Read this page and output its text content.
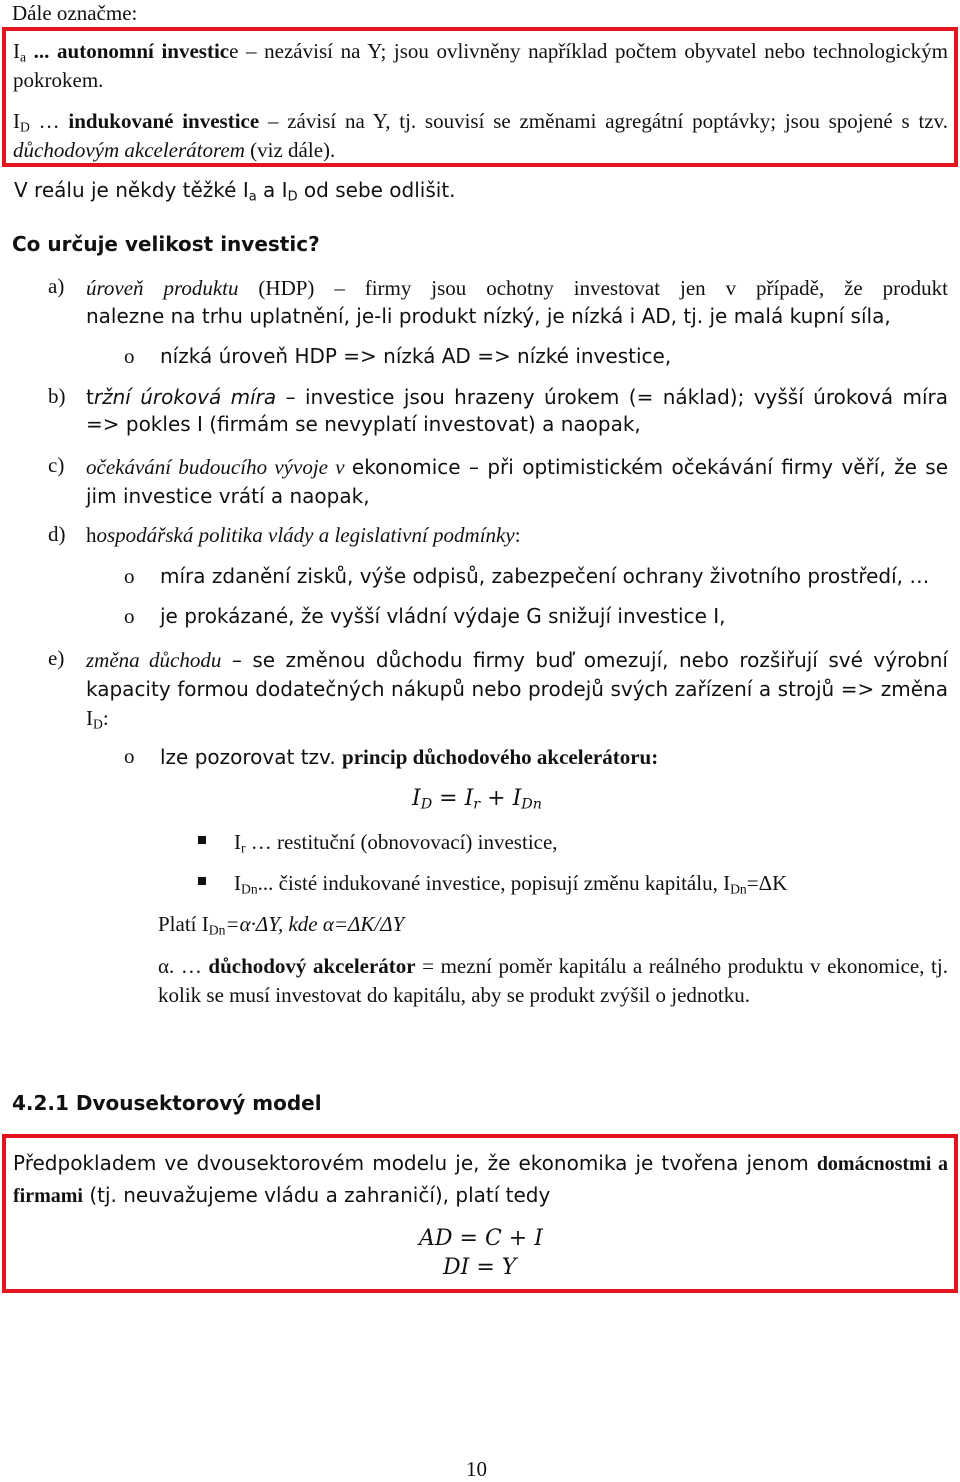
Dále označme:

$I_a$ ... autonomní investice – nezávisí na Y; jsou ovlivněny například počtem obyvatel nebo technologickým pokrokem.

$I_D$ … indukované investice – závisí na Y, tj. souvisí se změnami agregátní poptávky; jsou spojené s tzv. důchodovým akcelerátorem (viz dále).

V reálu je někdy těžké $I_a$ a $I_D$ od sebe odlišit.
Co určuje velikost investic?
a) úroveň produktu (HDP) – firmy jsou ochotny investovat jen v případě, že produkt

nalezne na trhu uplatnění, je-li produkt nízký, je nízká i AD, tj. je malá kupní síla,

o nízká úroveň HDP => nízká AD => nízké investice,
b) tržní úroková míra – investice jsou hrazeny úrokem (= náklad); vyšší úroková míra => pokles I (firmám se nevyplatí investovat) a naopak,

c) očekávání budoucího vývoje v ekonomice – při optimistickém očekávání firmy věří, že se jim investice vrátí a naopak,

d) hospodářská politika vlády a legislativní podmínky:
o míra zdanění zisků, výše odpisů, zabezpečení ochrany životního prostředí, …
o je prokázané, že vyšší vládní výdaje G snižují investice I,
e) změna důchodu – se změnou důchodu firmy buď omezují, nebo rozšiřují své výrobní kapacity formou dodatečných nákupů nebo prodejů svých zařízení a strojů => změna $I_D$:

o lze pozorovat tzv. princip důchodového akcelerátoru:
$I_D = I_r + I_{Dn}$
$I_r$ … restituční (obnovovací) investice,
$I_{Dn}$... čisté indukované investice, popisují změnu kapitálu, $I_{Dn}=\Delta K$
Platí $I_{Dn}=\alpha\cdot\Delta Y$, kde α=ΔK/ΔY

α. … důchodový akcelerátor = mezní poměr kapitálu a reálného produktu v ekonomice, tj. kolik se musí investovat do kapitálu, aby se produkt zvýšil o jednotku.

4.2.1 Dvousektorový model

Předpokladem ve dvousektorovém modelu je, že ekonomika je tvořena jenom domácnostmi a firmami (tj. neuvažujeme vládu a zahraničí), platí tedy

AD = C + I
DI = Y
10
